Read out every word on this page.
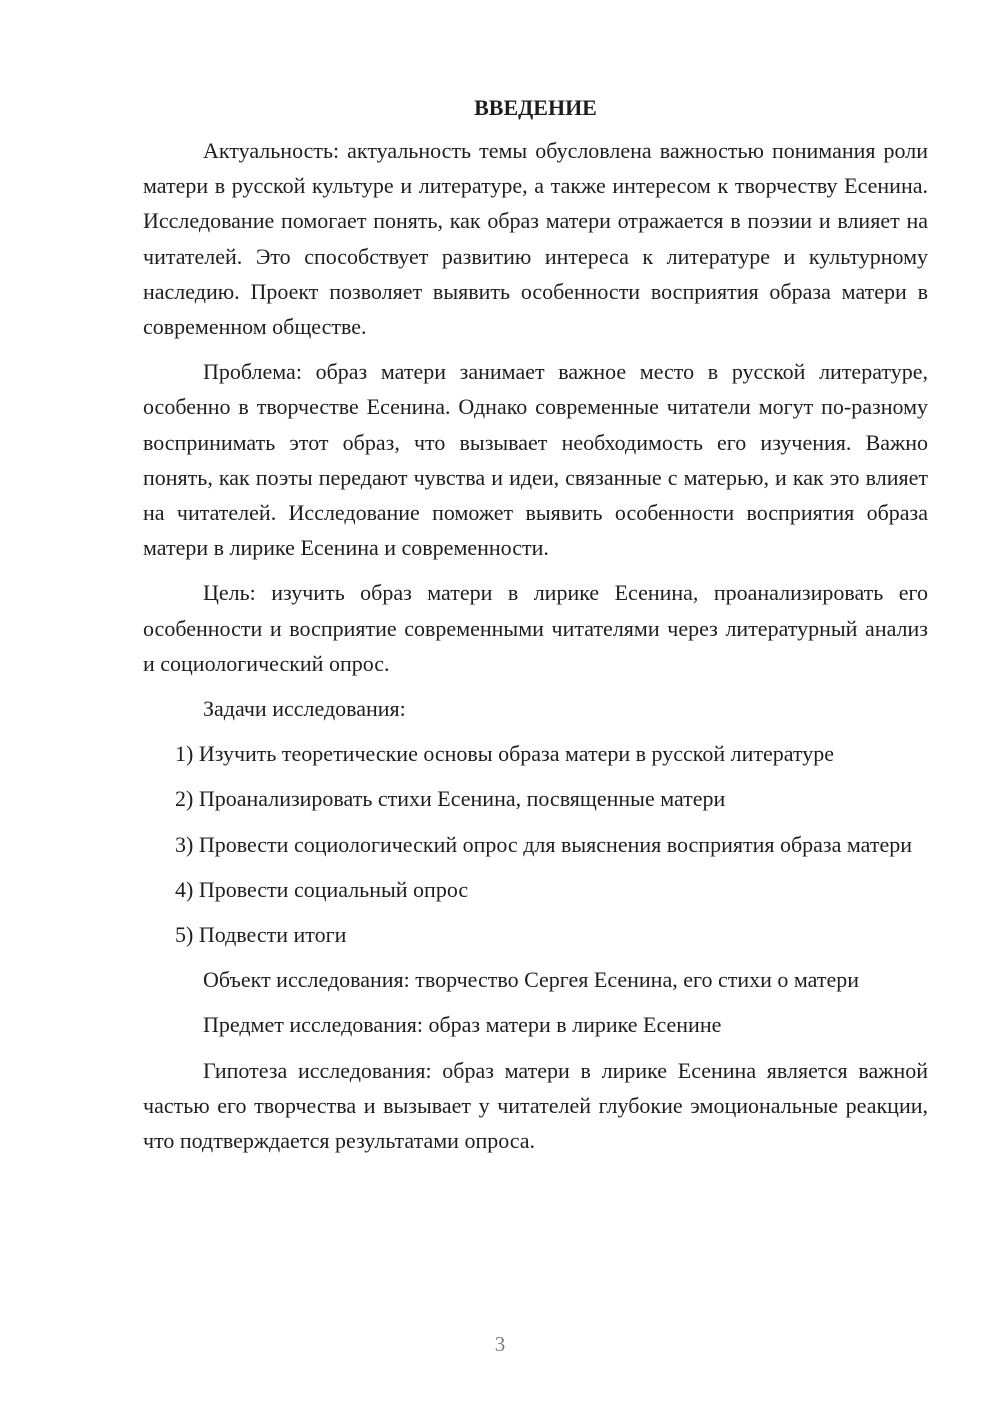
ВВЕДЕНИЕ

Актуальность: актуальность темы обусловлена важностью понимания роли матери в русской культуре и литературе, а также интересом к творчеству Есенина. Исследование помогает понять, как образ матери отражается в поэзии и влияет на читателей. Это способствует развитию интереса к литературе и культурному наследию. Проект позволяет выявить особенности восприятия образа матери в современном обществе.

Проблема: образ матери занимает важное место в русской литературе, особенно в творчестве Есенина. Однако современные читатели могут по-разному воспринимать этот образ, что вызывает необходимость его изучения. Важно понять, как поэты передают чувства и идеи, связанные с матерью, и как это влияет на читателей. Исследование поможет выявить особенности восприятия образа матери в лирике Есенина и современности.

Цель: изучить образ матери в лирике Есенина, проанализировать его особенности и восприятие современными читателями через литературный анализ и социологический опрос.

Задачи исследования:

1) Изучить теоретические основы образа матери в русской литературе

2) Проанализировать стихи Есенина, посвященные матери

3) Провести социологический опрос для выяснения восприятия образа матери

4) Провести социальный опрос

5) Подвести итоги

Объект исследования: творчество Сергея Есенина, его стихи о матери

Предмет исследования: образ матери в лирике Есенине

Гипотеза исследования: образ матери в лирике Есенина является важной частью его творчества и вызывает у читателей глубокие эмоциональные реакции, что подтверждается результатами опроса.

3
